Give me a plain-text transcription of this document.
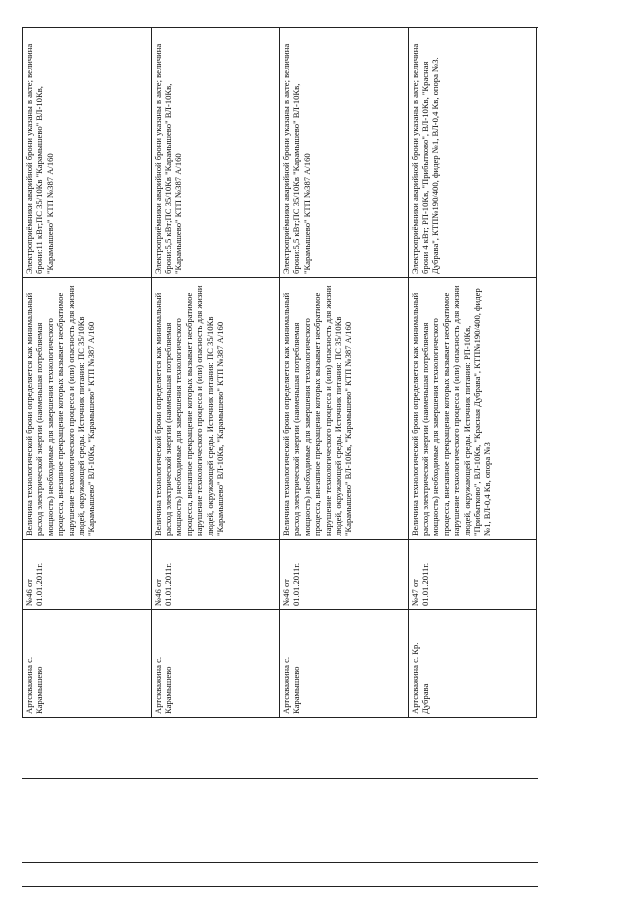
Артскважина с. Карамышево	№46 от 01.01.2011г.	Величина технологической брони определяется как минимальный расход электрической энергии (наименьшая потребляемая мощность) необходимые для завершения технологического процесса, внезапное прекращение которых вызывает необратимое нарушение технологического процесса и (или) опасность для жизни людей, окружающей среды. Источник питания: ПС 35/10Кв "Карамышево" ВЛ-10Кв, "Карамышево" КТП №387 А/160	Электроприёмники аварийной брони указаны в акте; величина брони:11 кВт;ПС 35/10Кв "Карамышево" ВЛ-10Кв, "Карамышево" КТП №387 А/160
Артскважина с. Карамышево	№46 от 01.01.2011г.	Величина технологической брони определяется как минимальный расход электрической энергии (наименьшая потребляемая мощность) необходимые для завершения технологического процесса, внезапное прекращение которых вызывает необратимое нарушение технологического процесса и (или) опасность для жизни людей, окружающей среды. Источник питания: ПС 35/10Кв "Карамышево" ВЛ-10Кв, "Карамышево" КТП №387 А/160	Электроприёмники аварийной брони указаны в акте; величина брони:5,5 кВт;ПС 35/10Кв "Карамышево" ВЛ-10Кв, "Карамышево" КТП №387 А/160
Артскважина с. Карамышево	№46 от 01.01.2011г.	Величина технологической брони определяется как минимальный расход электрической энергии (наименьшая потребляемая мощность) необходимые для завершения технологического процесса, внезапное прекращение которых вызывает необратимое нарушение технологического процесса и (или) опасность для жизни людей, окружающей среды. Источник питания: ПС 35/10Кв "Карамышево" ВЛ-10Кв, "Карамышево" КТП №387 А/160	Электроприёмники аварийной брони указаны в акте; величина брони:5,5 кВт;ПС 35/10Кв "Карамышево" ВЛ-10Кв, "Карамышево" КТП №387 А/160
Артскважина с. Кр. Дубрава	№47 от 01.01.2011г.	Величина технологической брони определяется как минимальный расход электрической энергии (наименьшая потребляемая мощность) необходимые для завершения технологического процесса, внезапное прекращение которых вызывает необратимое нарушение технологического процесса и (или) опасность для жизни людей, окружающей среды. Источник питания: РП-10Кв, "Прибытково", ВЛ-10Кв, "Красная Дубрава", КТП№190/400, фидер №1, ВЛ-0,4 Кв, опора №3	Электроприёмники аварийной брони указаны в акте; величина брони 4 кВт; РП-10Кв, "Прибытково", ВЛ-10Кв, "Красная Дубрава", КТП№190/400, фидер №1, ВЛ-0,4 Кв, опора №3.
